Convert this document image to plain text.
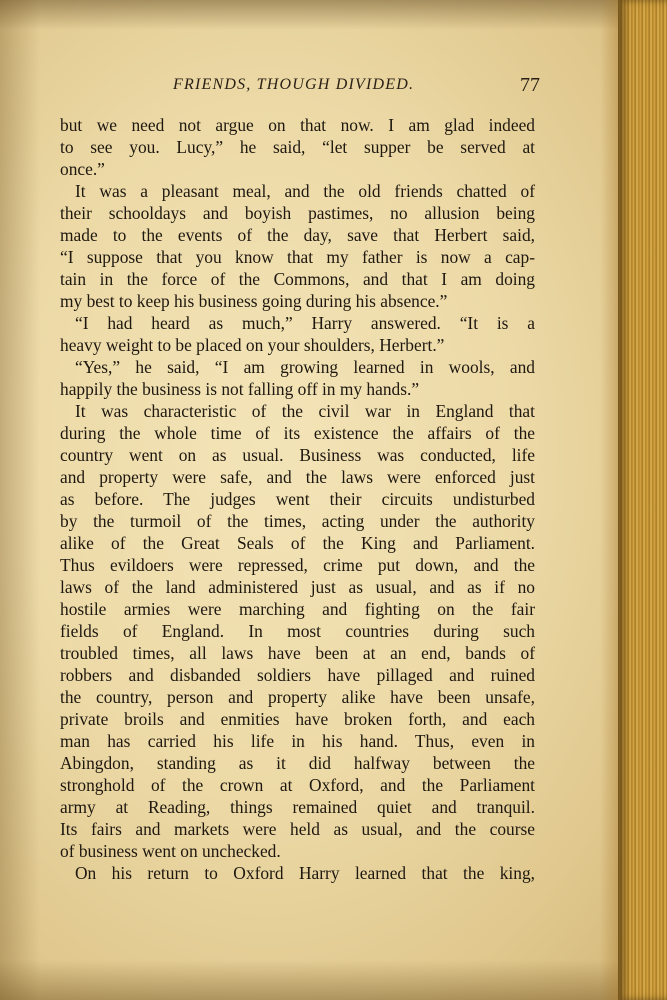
FRIENDS, THOUGH DIVIDED.	77
but we need not argue on that now. I am glad indeed
to see you. Lucy,” he said, “let supper be served at
once.”
It was a pleasant meal, and the old friends chatted of
their schooldays and boyish pastimes, no allusion being
made to the events of the day, save that Herbert said,
“I suppose that you know that my father is now a cap-
tain in the force of the Commons, and that I am doing
my best to keep his business going during his absence.”
“I had heard as much,” Harry answered. “It is a
heavy weight to be placed on your shoulders, Herbert.”
“Yes,” he said, “I am growing learned in wools, and
happily the business is not falling off in my hands.”
It was characteristic of the civil war in England that
during the whole time of its existence the affairs of the
country went on as usual. Business was conducted, life
and property were safe, and the laws were enforced just
as before. The judges went their circuits undisturbed
by the turmoil of the times, acting under the authority
alike of the Great Seals of the King and Parliament.
Thus evildoers were repressed, crime put down, and the
laws of the land administered just as usual, and as if no
hostile armies were marching and fighting on the fair
fields of England. In most countries during such
troubled times, all laws have been at an end, bands of
robbers and disbanded soldiers have pillaged and ruined
the country, person and property alike have been unsafe,
private broils and enmities have broken forth, and each
man has carried his life in his hand. Thus, even in
Abingdon, standing as it did halfway between the
stronghold of the crown at Oxford, and the Parliament
army at Reading, things remained quiet and tranquil.
Its fairs and markets were held as usual, and the course
of business went on unchecked.
On his return to Oxford Harry learned that the king,
